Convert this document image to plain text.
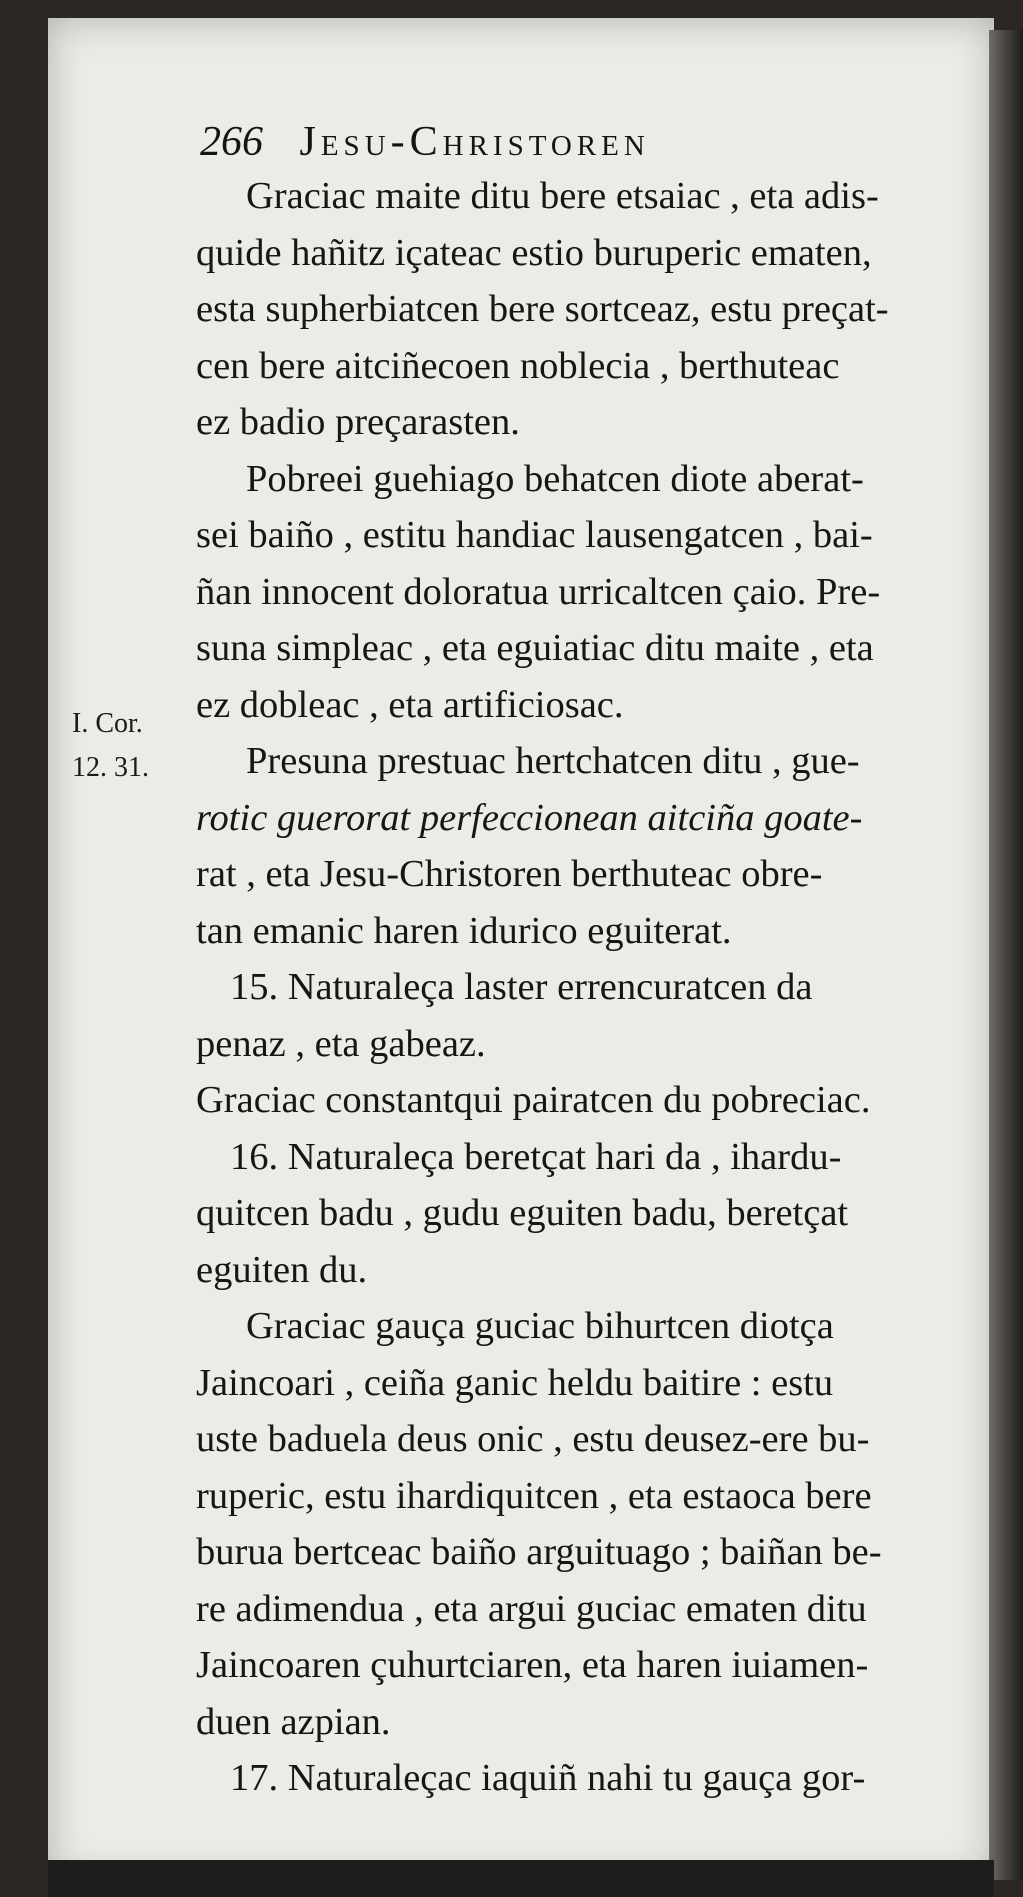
266 Jesu-Christoren
I. Cor.
12. 31.
Graciac maite ditu bere etsaiac , eta adis-
quide hañitz içateac estio buruperic ematen,
esta supherbiatcen bere sortceaz, estu preçat-
cen bere aitciñecoen noblecia , berthuteac
ez badio preçarasten.
Pobreei guehiago behatcen diote aberat-
sei baiño , estitu handiac lausengatcen , bai-
ñan innocent doloratua urricaltcen çaio. Pre-
suna simpleac , eta eguiatiac ditu maite , eta
ez dobleac , eta artificiosac.
Presuna prestuac hertchatcen ditu , gue-
rotic guerorat perfeccionean aitciña goate-
rat , eta Jesu-Christoren berthuteac obre-
tan emanic haren idurico eguiterat.
15. Naturaleça laster errencuratcen da
penaz , eta gabeaz.
Graciac constantqui pairatcen du pobreciac.
16. Naturaleça beretçat hari da , ihardu-
quitcen badu , gudu eguiten badu, beretçat
eguiten du.
Graciac gauça guciac bihurtcen diotça
Jaincoari , ceiña ganic heldu baitire : estu
uste baduela deus onic , estu deusez-ere bu-
ruperic, estu ihardiquitcen , eta estaoca bere
burua bertceac baiño arguituago ; baiñan be-
re adimendua , eta argui guciac ematen ditu
Jaincoaren çuhurtciaren, eta haren iuiamen-
duen azpian.
17. Naturaleçac iaquiñ nahi tu gauça gor-
